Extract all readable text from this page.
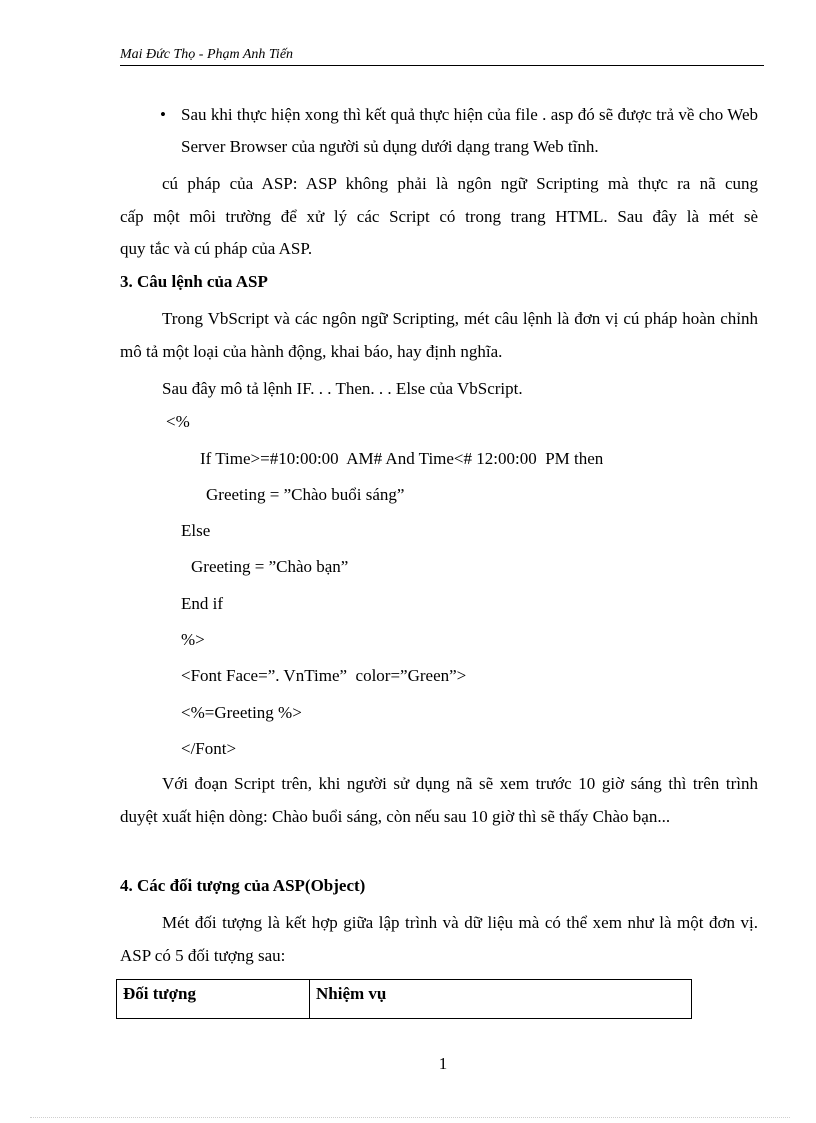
Mai Đức Thọ - Phạm Anh Tiến
• Sau khi thực hiện xong thì kết quả thực hiện của file . asp đó sẽ được trả về cho Web Server Browser của người sủ dụng dưới dạng trang Web tĩnh.
cú pháp của ASP: ASP không phải là ngôn ngữ Scripting mà thực ra nã cung
cấp một môi trường để xử lý các Script có trong trang HTML. Sau đây là mét sè
quy tắc và cú pháp của ASP.
3. Câu lệnh của ASP
Trong VbScript và các ngôn ngữ Scripting, mét câu lệnh là đơn vị cú pháp hoàn chỉnh mô tả một loại của hành động, khai báo, hay định nghĩa.
Sau đây mô tả lệnh IF. . . Then. . . Else của VbScript.
<%
If Time>=#10:00:00  AM# And Time<# 12:00:00  PM then
Greeting = ”Chào buổi sáng”
Else
Greeting = ”Chào bạn”
End if
%>
<Font Face=”. VnTime”  color=”Green”>
<%=Greeting %>
</Font>
Với đoạn Script trên, khi người sử dụng nã sẽ xem trước 10 giờ sáng thì trên trình duyệt xuất hiện dòng: Chào buổi sáng, còn nếu sau 10 giờ thì sẽ thấy Chào bạn...
4. Các đối tượng của ASP(Object)
Mét đối tượng là kết hợp giữa lập trình và dữ liệu mà có thể xem như là một đơn vị. ASP có 5 đối tượng sau:
Đối tượng	Nhiệm vụ
1
